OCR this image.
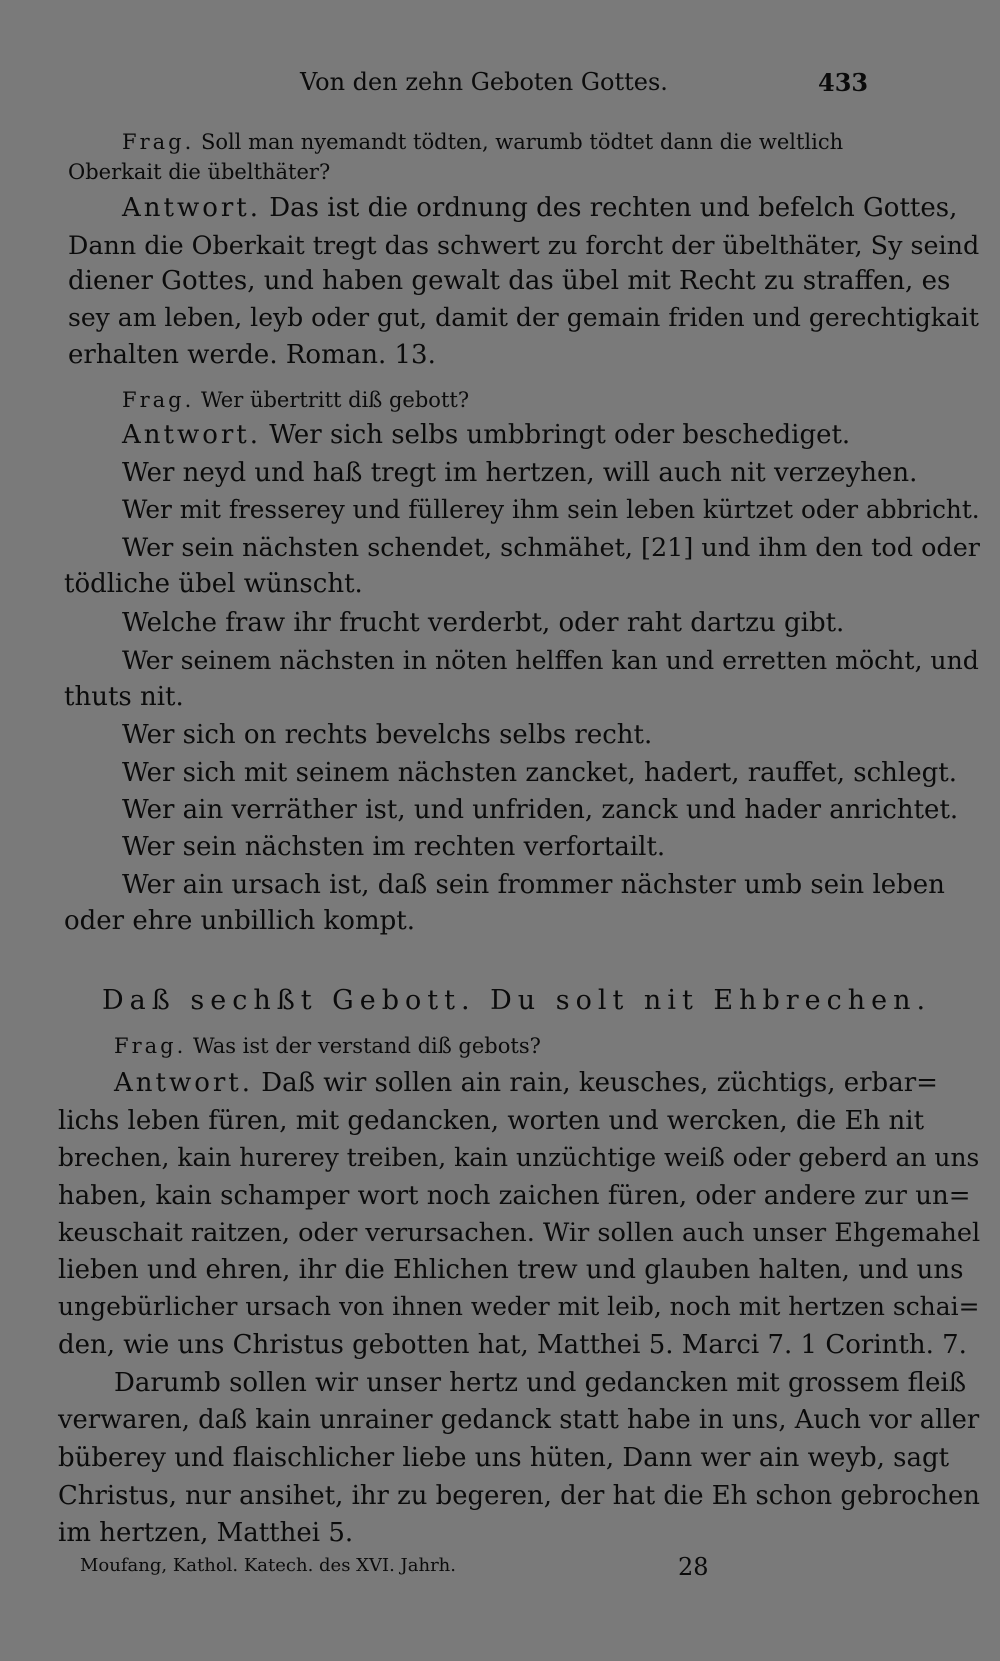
Von den zehn Geboten Gottes.	433
Frag. Soll man nyemandt tödten, warumb tödtet dann die weltlich
Oberkait die übelthäter?
Antwort. Das ist die ordnung des rechten und befelch Gottes,
Dann die Oberkait tregt das schwert zu forcht der übelthäter, Sy seind
diener Gottes, und haben gewalt das übel mit Recht zu straffen, es
sey am leben, leyb oder gut, damit der gemain friden und gerechtigkait
erhalten werde. Roman. 13.
Frag. Wer übertritt diß gebott?
Antwort. Wer sich selbs umbbringt oder beschediget.
Wer neyd und haß tregt im hertzen, will auch nit verzeyhen.
Wer mit fresserey und füllerey ihm sein leben kürtzet oder abbricht.
Wer sein nächsten schendet, schmähet, [21] und ihm den tod oder
tödliche übel wünscht.
Welche fraw ihr frucht verderbt, oder raht dartzu gibt.
Wer seinem nächsten in nöten helffen kan und erretten möcht, und
thuts nit.
Wer sich on rechts bevelchs selbs recht.
Wer sich mit seinem nächsten zancket, hadert, rauffet, schlegt.
Wer ain verräther ist, und unfriden, zanck und hader anrichtet.
Wer sein nächsten im rechten verfortailt.
Wer ain ursach ist, daß sein frommer nächster umb sein leben
oder ehre unbillich kompt.
Daß sechßt Gebott. Du solt nit Ehbrechen.
Frag. Was ist der verstand diß gebots?
Antwort. Daß wir sollen ain rain, keusches, züchtigs, erbar=
lichs leben füren, mit gedancken, worten und wercken, die Eh nit
brechen, kain hurerey treiben, kain unzüchtige weiß oder geberd an uns
haben, kain schamper wort noch zaichen füren, oder andere zur un=
keuschait raitzen, oder verursachen. Wir sollen auch unser Ehgemahel
lieben und ehren, ihr die Ehlichen trew und glauben halten, und uns
ungebürlicher ursach von ihnen weder mit leib, noch mit hertzen schai=
den, wie uns Christus gebotten hat, Matthei 5. Marci 7. 1 Corinth. 7.
Darumb sollen wir unser hertz und gedancken mit grossem fleiß
verwaren, daß kain unrainer gedanck statt habe in uns, Auch vor aller
büberey und flaischlicher liebe uns hüten, Dann wer ain weyb, sagt
Christus, nur ansihet, ihr zu begeren, der hat die Eh schon gebrochen
im hertzen, Matthei 5.
Moufang, Kathol. Katech. des XVI. Jahrh.	28
